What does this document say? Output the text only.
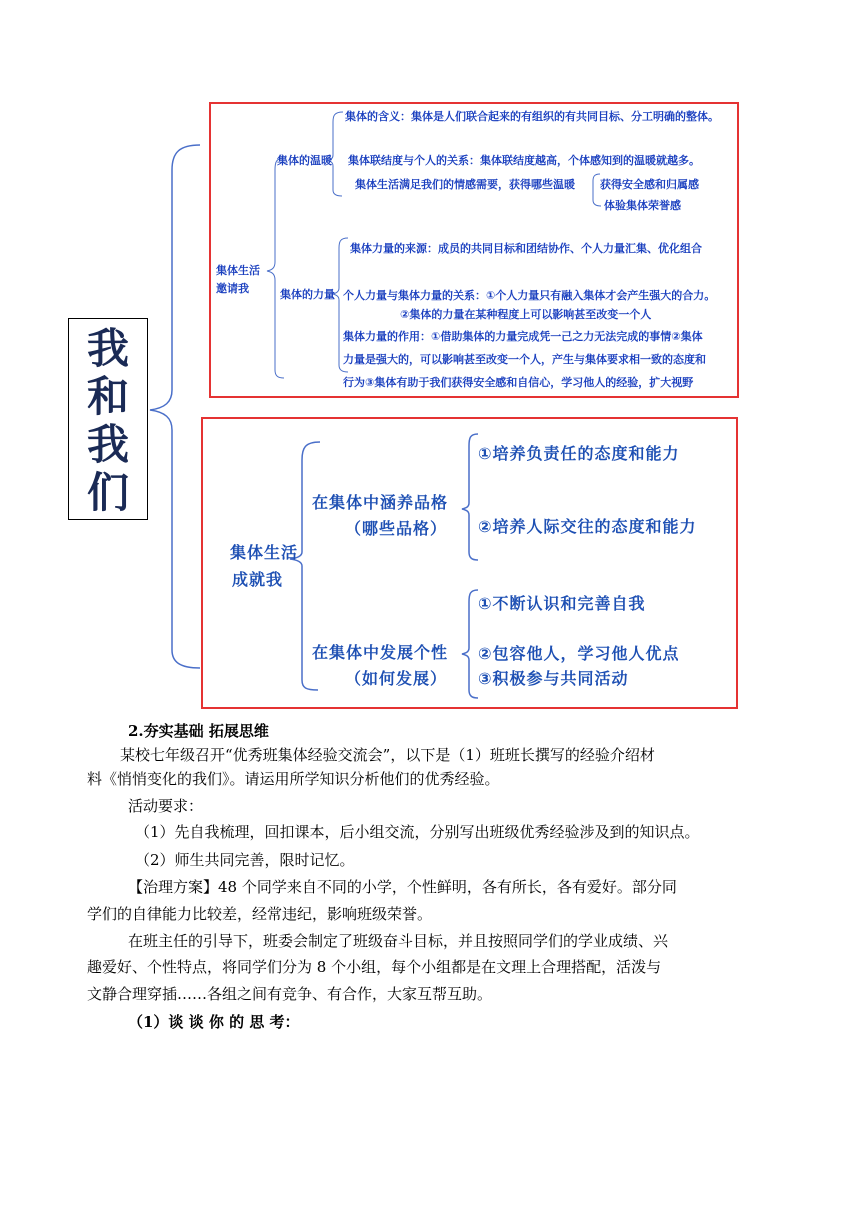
我
和
我
们
集体生活
邀请我
集体的温暖
集体的含义：集体是人们联合起来的有组织的有共同目标、分工明确的整体。
集体联结度与个人的关系：集体联结度越高，个体感知到的温暖就越多。
集体生活满足我们的情感需要，获得哪些温暖 获得安全感和归属感
体验集体荣誉感
集体的力量
集体力量的来源：成员的共同目标和团结协作、个人力量汇集、优化组合
个人力量与集体力量的关系：①个人力量只有融入集体才会产生强大的合力。
②集体的力量在某种程度上可以影响甚至改变一个人
集体力量的作用：①借助集体的力量完成凭一己之力无法完成的事情②集体
力量是强大的，可以影响甚至改变一个人，产生与集体要求相一致的态度和
行为③集体有助于我们获得安全感和自信心，学习他人的经验，扩大视野
集体生活
成就我
在集体中涵养品格
（哪些品格）
①培养负责任的态度和能力
②培养人际交往的态度和能力
在集体中发展个性
（如何发展）
①不断认识和完善自我
②包容他人，学习他人优点
③积极参与共同活动
2.夯实基础 拓展思维
某校七年级召开“优秀班集体经验交流会”，以下是（1）班班长撰写的经验介绍材
料《悄悄变化的我们》。请运用所学知识分析他们的优秀经验。
活动要求：
（1）先自我梳理，回扣课本，后小组交流，分别写出班级优秀经验涉及到的知识点。
（2）师生共同完善，限时记忆。
【治理方案】48 个同学来自不同的小学，个性鲜明，各有所长，各有爱好。部分同
学们的自律能力比较差，经常违纪，影响班级荣誉。
在班主任的引导下，班委会制定了班级奋斗目标，并且按照同学们的学业成绩、兴
趣爱好、个性特点，将同学们分为 8 个小组，每个小组都是在文理上合理搭配，活泼与
文静合理穿插……各组之间有竞争、有合作，大家互帮互助。
（1）谈 谈 你 的 思 考：
